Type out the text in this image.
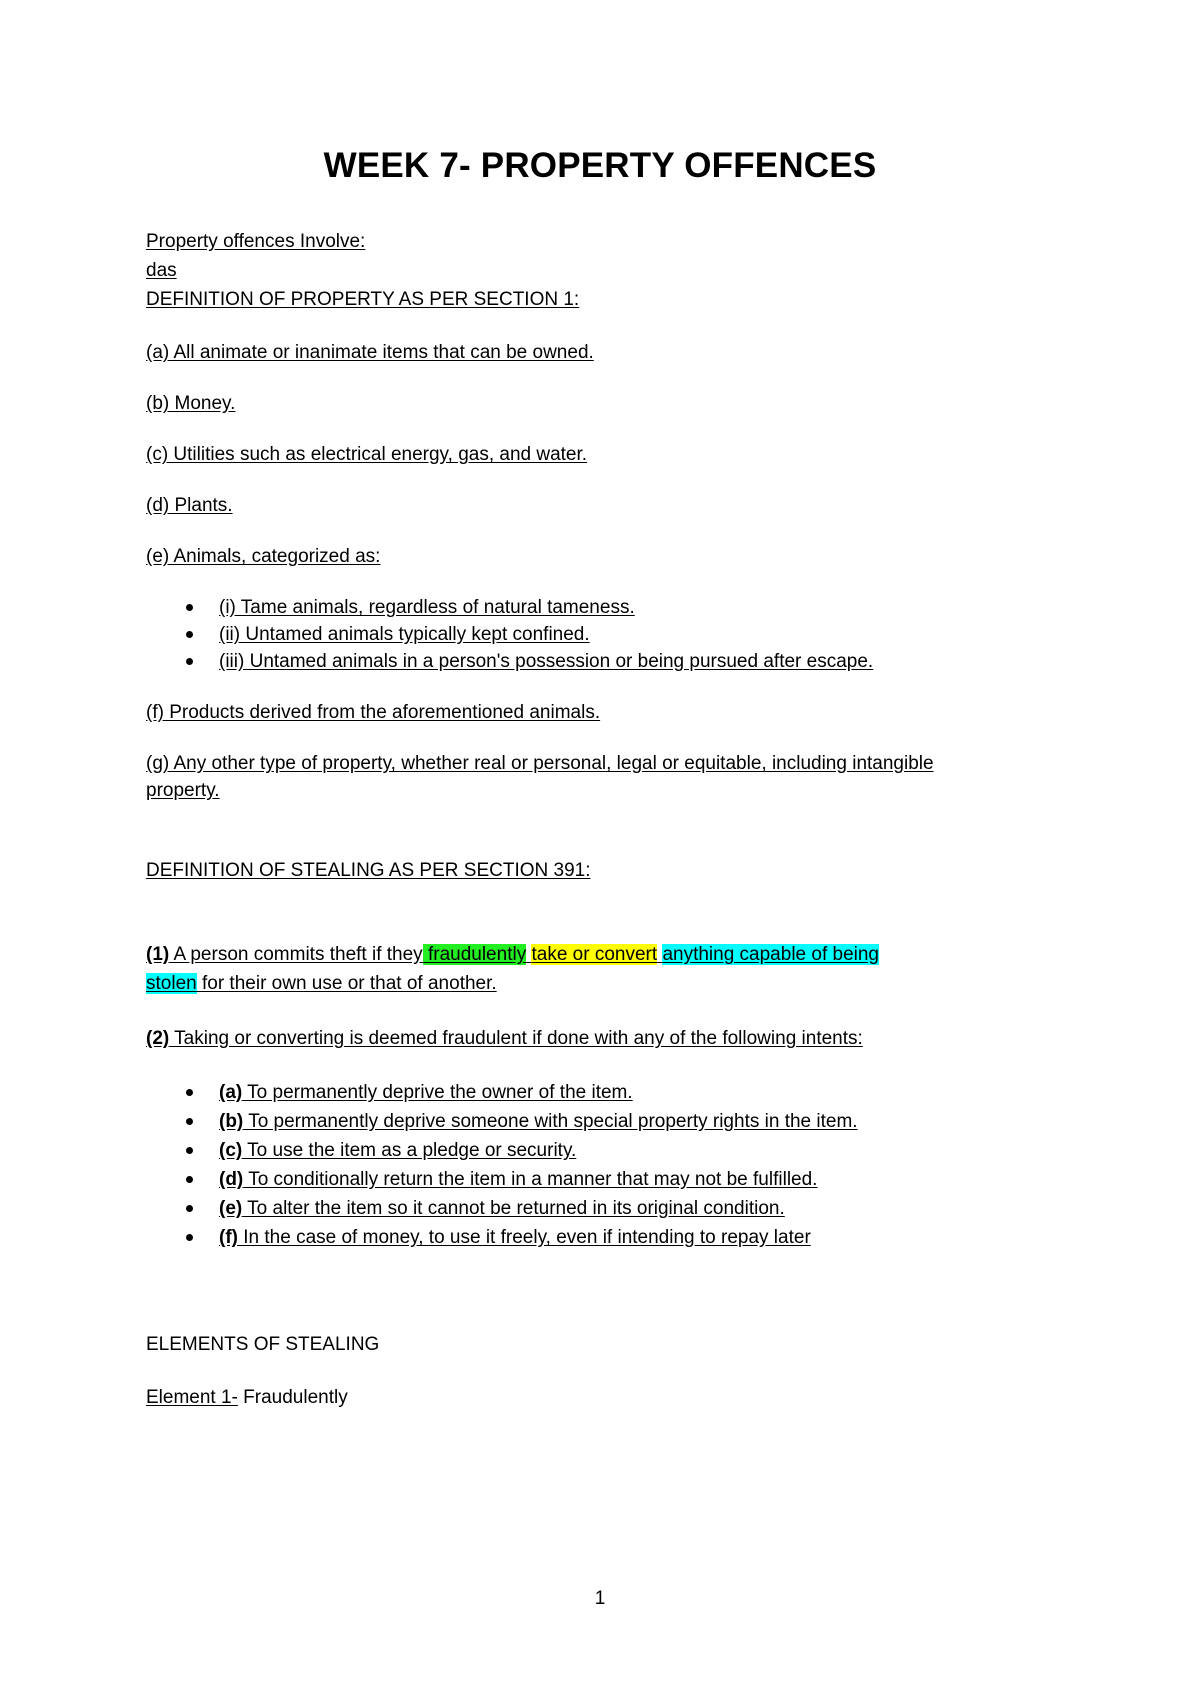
WEEK 7- PROPERTY OFFENCES
Property offences Involve:
das
DEFINITION OF PROPERTY AS PER SECTION 1:
(a) All animate or inanimate items that can be owned.
(b) Money.
(c) Utilities such as electrical energy, gas, and water.
(d) Plants.
(e) Animals, categorized as:
(i) Tame animals, regardless of natural tameness.
(ii) Untamed animals typically kept confined.
(iii) Untamed animals in a person's possession or being pursued after escape.
(f) Products derived from the aforementioned animals.
(g) Any other type of property, whether real or personal, legal or equitable, including intangible
property.
DEFINITION OF STEALING AS PER SECTION 391:
(1) A person commits theft if they fraudulently take or convert anything capable of being
stolen for their own use or that of another.
(2) Taking or converting is deemed fraudulent if done with any of the following intents:
(a) To permanently deprive the owner of the item.
(b) To permanently deprive someone with special property rights in the item.
(c) To use the item as a pledge or security.
(d) To conditionally return the item in a manner that may not be fulfilled.
(e) To alter the item so it cannot be returned in its original condition.
(f) In the case of money, to use it freely, even if intending to repay later
ELEMENTS OF STEALING
Element 1- Fraudulently
1
